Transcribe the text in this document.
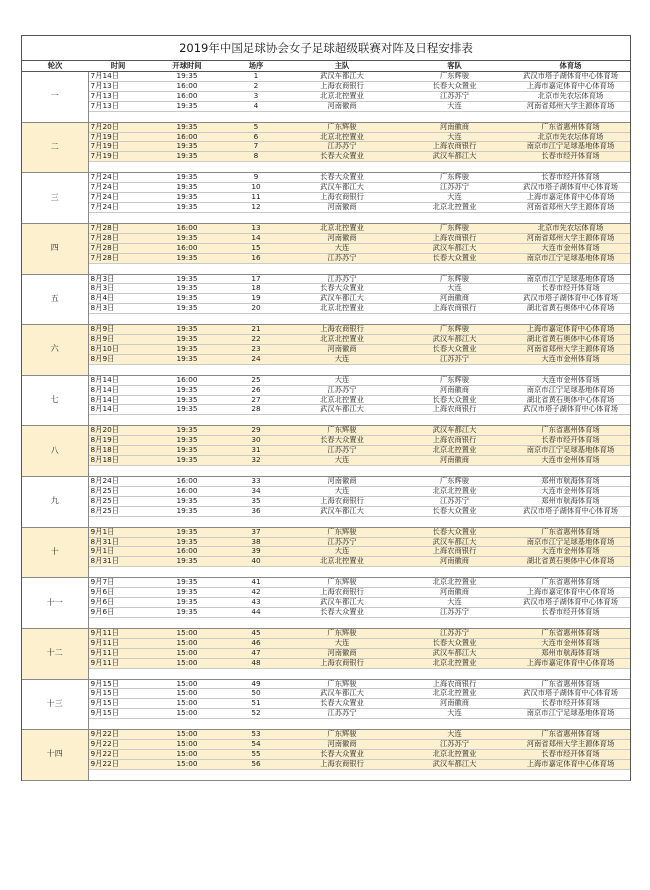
2019年中国足球协会女子足球超级联赛对阵及日程安排表
轮次	时间	开球时间	场序	主队	客队	体育场
一	7月14日	19:35	1	武汉车都江大	广东辉骏	武汉市塔子湖体育中心体育场
	7月13日	16:00	2	上海农商银行	长春大众置业	上海市嘉定体育中心体育场
	7月13日	16:00	3	北京北控置业	江苏苏宁	北京市先农坛体育场
	7月13日	19:35	4	河南徽商	大连	河南省郑州大学主源体育场

二	7月20日	19:35	5	广东辉骏	河南徽商	广东省惠州体育场
	7月19日	16:00	6	北京北控置业	大连	北京市先农坛体育场
	7月19日	19:35	7	江苏苏宁	上海农商银行	南京市江宁足球基地体育场
	7月19日	19:35	8	长春大众置业	武汉车都江大	长春市经开体育场

三	7月24日	19:35	9	长春大众置业	广东辉骏	长春市经开体育场
	7月24日	19:35	10	武汉车都江大	江苏苏宁	武汉市塔子湖体育中心体育场
	7月24日	19:35	11	上海农商银行	大连	上海市嘉定体育中心体育场
	7月24日	19:35	12	河南徽商	北京北控置业	河南省郑州大学主源体育场

四	7月28日	16:00	13	北京北控置业	广东辉骏	北京市先农坛体育场
	7月28日	19:35	14	河南徽商	上海农商银行	河南省郑州大学主源体育场
	7月28日	16:00	15	大连	武汉车都江大	大连市金州体育场
	7月28日	19:35	16	江苏苏宁	长春大众置业	南京市江宁足球基地体育场

五	8月3日	19:35	17	江苏苏宁	广东辉骏	南京市江宁足球基地体育场
	8月3日	19:35	18	长春大众置业	大连	长春市经开体育场
	8月4日	19:35	19	武汉车都江大	河南徽商	武汉市塔子湖体育中心体育场
	8月3日	19:35	20	北京北控置业	上海农商银行	湖北省黄石奥体中心体育场

六	8月9日	19:35	21	上海农商银行	广东辉骏	上海市嘉定体育中心体育场
	8月9日	19:35	22	北京北控置业	武汉车都江大	湖北省黄石奥体中心体育场
	8月10日	19:35	23	河南徽商	长春大众置业	河南省郑州大学主源体育场
	8月9日	19:35	24	大连	江苏苏宁	大连市金州体育场

七	8月14日	16:00	25	大连	广东辉骏	大连市金州体育场
	8月14日	19:35	26	江苏苏宁	河南徽商	南京市江宁足球基地体育场
	8月14日	19:35	27	北京北控置业	长春大众置业	湖北省黄石奥体中心体育场
	8月14日	19:35	28	武汉车都江大	上海农商银行	武汉市塔子湖体育中心体育场

八	8月20日	19:35	29	广东辉骏	武汉车都江大	广东省惠州体育场
	8月19日	19:35	30	长春大众置业	上海农商银行	长春市经开体育场
	8月18日	19:35	31	江苏苏宁	北京北控置业	南京市江宁足球基地体育场
	8月18日	19:35	32	大连	河南徽商	大连市金州体育场

九	8月24日	16:00	33	河南徽商	广东辉骏	郑州市航海体育场
	8月25日	16:00	34	大连	北京北控置业	大连市金州体育场
	8月25日	19:35	35	上海农商银行	江苏苏宁	郑州市航海体育场
	8月25日	19:35	36	武汉车都江大	长春大众置业	武汉市塔子湖体育中心体育场

十	9月1日	19:35	37	广东辉骏	长春大众置业	广东省惠州体育场
	8月31日	19:35	38	江苏苏宁	武汉车都江大	南京市江宁足球基地体育场
	9月1日	16:00	39	大连	上海农商银行	大连市金州体育场
	8月31日	19:35	40	北京北控置业	河南徽商	湖北省黄石奥体中心体育场

十一	9月7日	19:35	41	广东辉骏	北京北控置业	广东省惠州体育场
	9月6日	19:35	42	上海农商银行	河南徽商	上海市嘉定体育中心体育场
	9月6日	19:35	43	武汉车都江大	大连	武汉市塔子湖体育中心体育场
	9月6日	19:35	44	长春大众置业	江苏苏宁	长春市经开体育场

十二	9月11日	15:00	45	广东辉骏	江苏苏宁	广东省惠州体育场
	9月11日	15:00	46	大连	长春大众置业	大连市金州体育场
	9月11日	15:00	47	河南徽商	武汉车都江大	郑州市航海体育场
	9月11日	15:00	48	上海农商银行	北京北控置业	上海市嘉定体育中心体育场

十三	9月15日	15:00	49	广东辉骏	上海农商银行	广东省惠州体育场
	9月15日	15:00	50	武汉车都江大	北京北控置业	武汉市塔子湖体育中心体育场
	9月15日	15:00	51	长春大众置业	河南徽商	长春市经开体育场
	9月15日	15:00	52	江苏苏宁	大连	南京市江宁足球基地体育场

十四	9月22日	15:00	53	广东辉骏	大连	广东省惠州体育场
	9月22日	15:00	54	河南徽商	江苏苏宁	河南省郑州大学主源体育场
	9月22日	15:00	55	长春大众置业	北京北控置业	长春市经开体育场
	9月22日	15:00	56	上海农商银行	武汉车都江大	上海市嘉定体育中心体育场
